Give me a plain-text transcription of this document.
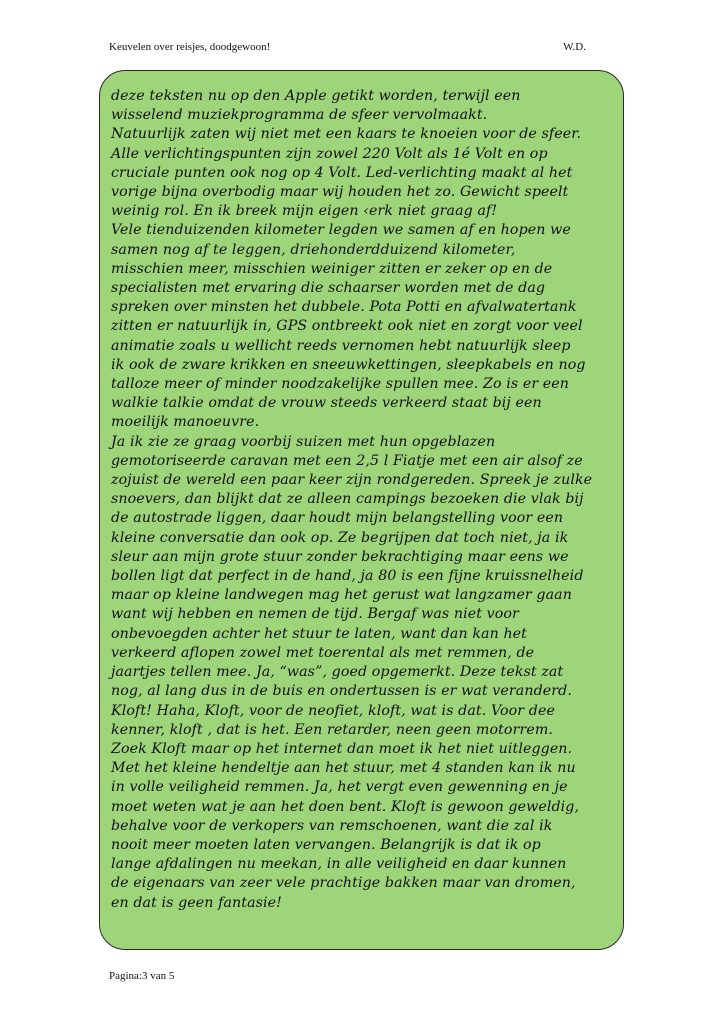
Keuvelen over reisjes, doodgewoon!	W.D.
deze teksten nu op den Apple getikt worden, terwijl een
wisselend muziekprogramma de sfeer vervolmaakt.
Natuurlijk zaten wij niet met een kaars te knoeien voor de sfeer.
Alle verlichtingspunten zijn zowel 220 Volt als 1é Volt en op
cruciale punten ook nog op 4 Volt. Led-verlichting maakt al het
vorige bijna overbodig maar wij houden het zo. Gewicht speelt
weinig rol. En ik breek mijn eigen ‹erk niet graag af!
Vele tienduizenden kilometer legden we samen af en hopen we
samen nog af te leggen, driehonderdduizend kilometer,
misschien meer, misschien weiniger zitten er zeker op en de
specialisten met ervaring die schaarser worden met de dag
spreken over minsten het dubbele. Pota Potti en afvalwatertank
zitten er natuurlijk in, GPS ontbreekt ook niet en zorgt voor veel
animatie zoals u wellicht reeds vernomen hebt natuurlijk sleep
ik ook de zware krikken en sneeuwkettingen, sleepkabels en nog
talloze meer of minder noodzakelijke spullen mee. Zo is er een
walkie talkie omdat de vrouw steeds verkeerd staat bij een
moeilijk manoeuvre.
Ja ik zie ze graag voorbij suizen met hun opgeblazen
gemotoriseerde caravan met een 2,5 l Fiatje met een air alsof ze
zojuist de wereld een paar keer zijn rondgereden. Spreek je zulke
snoevers, dan blijkt dat ze alleen campings bezoeken die vlak bij
de autostrade liggen, daar houdt mijn belangstelling voor een
kleine conversatie dan ook op. Ze begrijpen dat toch niet, ja ik
sleur aan mijn grote stuur zonder bekrachtiging maar eens we
bollen ligt dat perfect in de hand, ja 80 is een fijne kruissnelheid
maar op kleine landwegen mag het gerust wat langzamer gaan
want wij hebben en nemen de tijd. Bergaf was niet voor
onbevoegden achter het stuur te laten, want dan kan het
verkeerd aflopen zowel met toerental als met remmen, de
jaartjes tellen mee. Ja, “was”, goed opgemerkt. Deze tekst zat
nog, al lang dus in de buis en ondertussen is er wat veranderd.
Kloft! Haha, Kloft, voor de neofiet, kloft, wat is dat. Voor dee
kenner, kloft , dat is het. Een retarder, neen geen motorrem.
Zoek Kloft maar op het internet dan moet ik het niet uitleggen.
Met het kleine hendeltje aan het stuur, met 4 standen kan ik nu
in volle veiligheid remmen. Ja, het vergt even gewenning en je
moet weten wat je aan het doen bent. Kloft is gewoon geweldig,
behalve voor de verkopers van remschoenen, want die zal ik
nooit meer moeten laten vervangen. Belangrijk is dat ik op
lange afdalingen nu meekan, in alle veiligheid en daar kunnen
de eigenaars van zeer vele prachtige bakken maar van dromen,
en dat is geen fantasie!
Pagina:3 van 5
